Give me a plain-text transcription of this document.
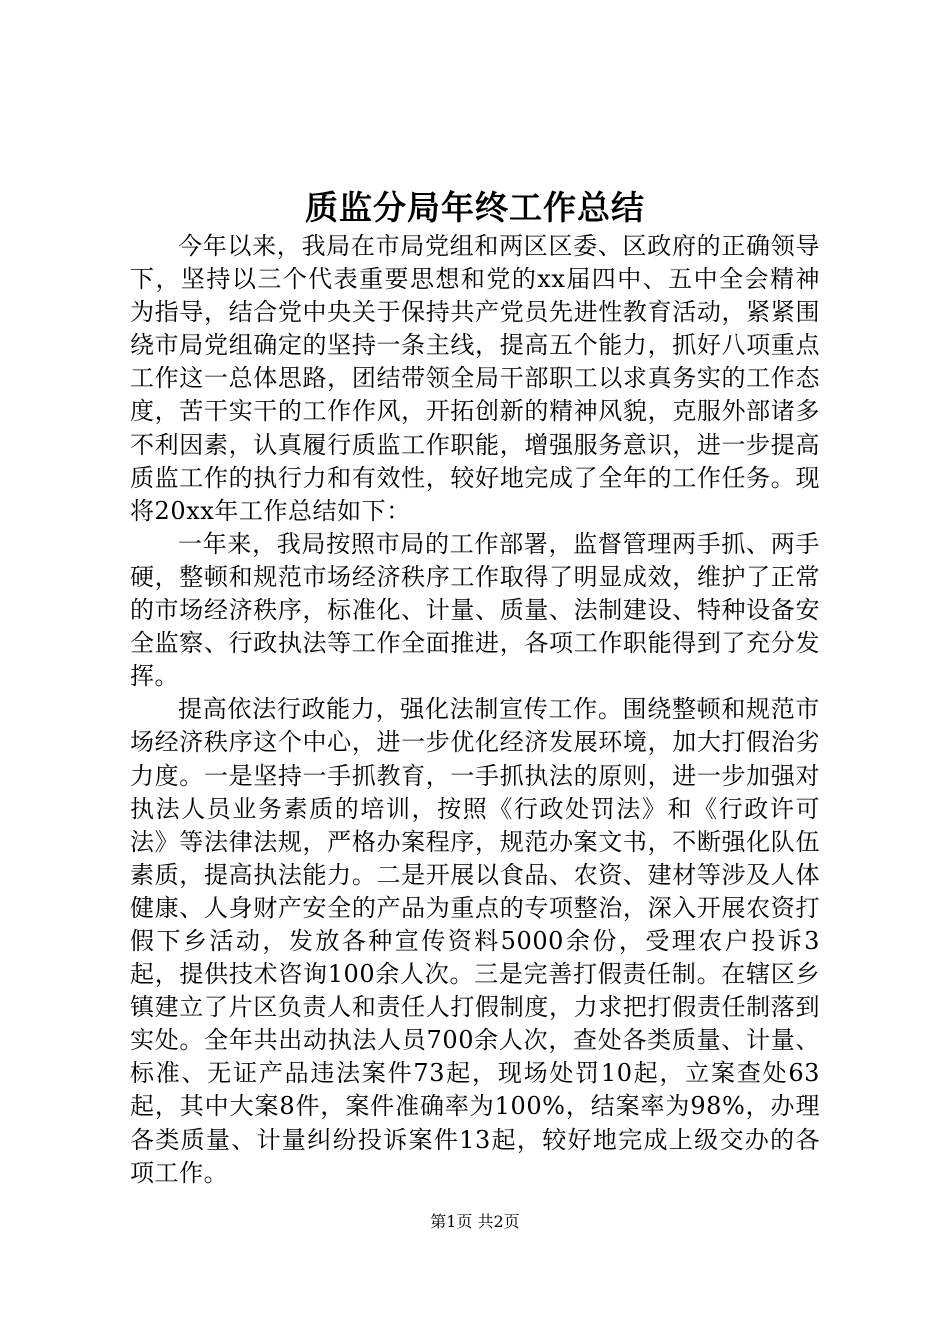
质监分局年终工作总结

今年以来，我局在市局党组和两区区委、区政府的正确领导下，坚持以三个代表重要思想和党的xx届四中、五中全会精神为指导，结合党中央关于保持共产党员先进性教育活动，紧紧围绕市局党组确定的坚持一条主线，提高五个能力，抓好八项重点工作这一总体思路，团结带领全局干部职工以求真务实的工作态度，苦干实干的工作作风，开拓创新的精神风貌，克服外部诸多不利因素，认真履行质监工作职能，增强服务意识，进一步提高质监工作的执行力和有效性，较好地完成了全年的工作任务。现将20xx年工作总结如下：

一年来，我局按照市局的工作部署，监督管理两手抓、两手硬，整顿和规范市场经济秩序工作取得了明显成效，维护了正常的市场经济秩序，标准化、计量、质量、法制建设、特种设备安全监察、行政执法等工作全面推进，各项工作职能得到了充分发挥。

提高依法行政能力，强化法制宣传工作。围绕整顿和规范市场经济秩序这个中心，进一步优化经济发展环境，加大打假治劣力度。一是坚持一手抓教育，一手抓执法的原则，进一步加强对执法人员业务素质的培训，按照《行政处罚法》和《行政许可法》等法律法规，严格办案程序，规范办案文书，不断强化队伍素质，提高执法能力。二是开展以食品、农资、建材等涉及人体健康、人身财产安全的产品为重点的专项整治，深入开展农资打假下乡活动，发放各种宣传资料5000余份，受理农户投诉3起，提供技术咨询100余人次。三是完善打假责任制。在辖区乡镇建立了片区负责人和责任人打假制度，力求把打假责任制落到实处。全年共出动执法人员700余人次，查处各类质量、计量、标准、无证产品违法案件73起，现场处罚10起，立案查处63起，其中大案8件，案件准确率为100%，结案率为98%，办理各类质量、计量纠纷投诉案件13起，较好地完成上级交办的各项工作。

第1页 共2页
